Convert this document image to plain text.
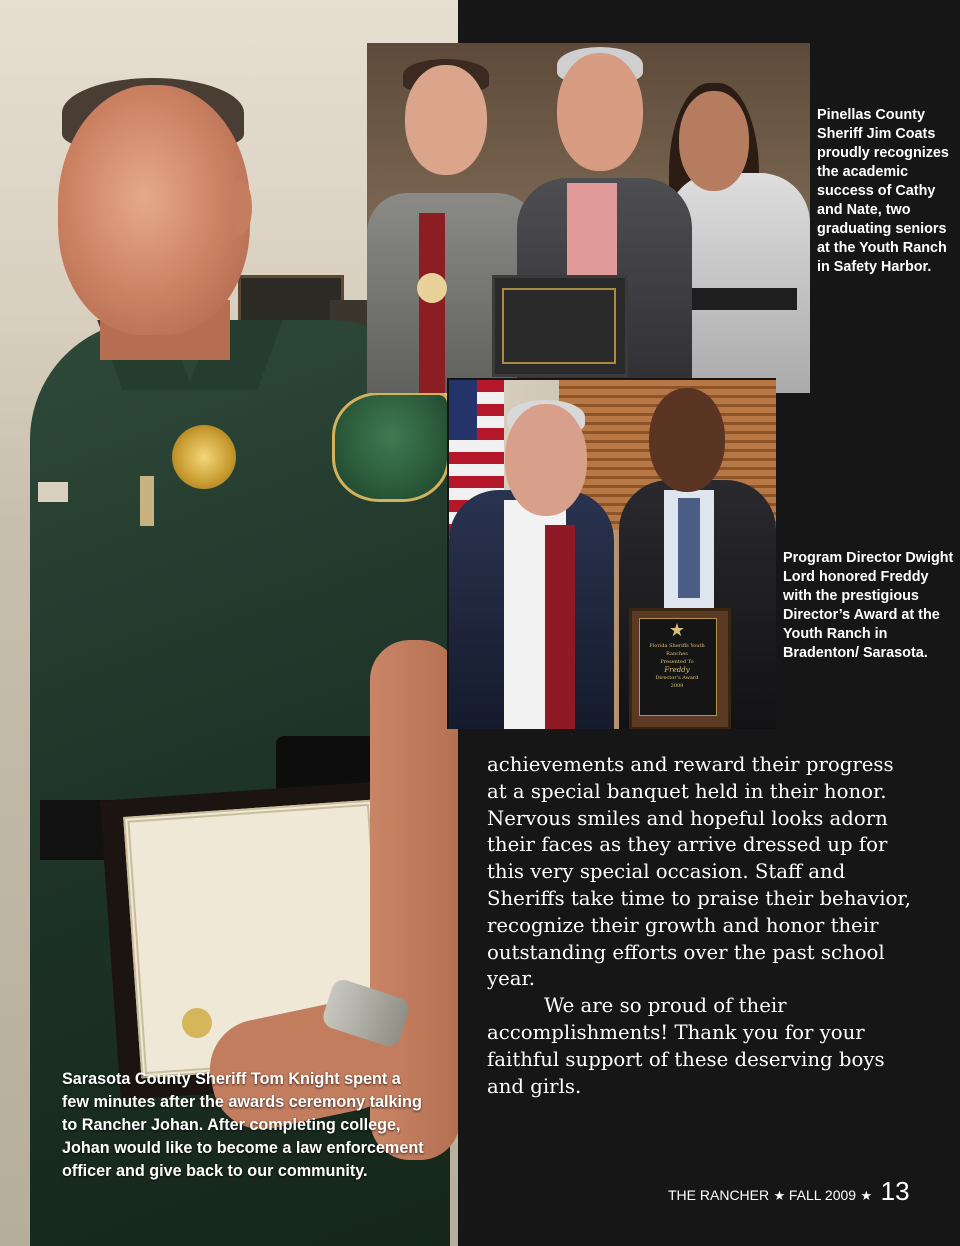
Sarasota County Sheriff Tom Knight spent a few minutes after the awards ceremony talking to Rancher Johan. After completing college, Johan would like to become a law enforcement officer and give back to our community.
Pinellas County Sheriff Jim Coats proudly recognizes the academic success of Cathy and Nate, two graduating seniors at the Youth Ranch in Safety Harbor.
★
Florida Sheriffs Youth Ranches
Presented To
Freddy
Director's Award
2009
Program Director Dwight Lord honored Freddy with the prestigious Director’s Award at the Youth Ranch in Bradenton/ Sarasota.

achievements and reward their progress at a special banquet held in their honor. Nervous smiles and hopeful looks adorn their faces as they arrive dressed up for this very special occasion. Staff and Sheriffs take time to praise their behavior, recognize their growth and honor their outstanding efforts over the past school year.

We are so proud of their accomplishments! Thank you for your faithful support of these deserving boys and girls.

THE RANCHER ★ FALL 2009 ★ 13
